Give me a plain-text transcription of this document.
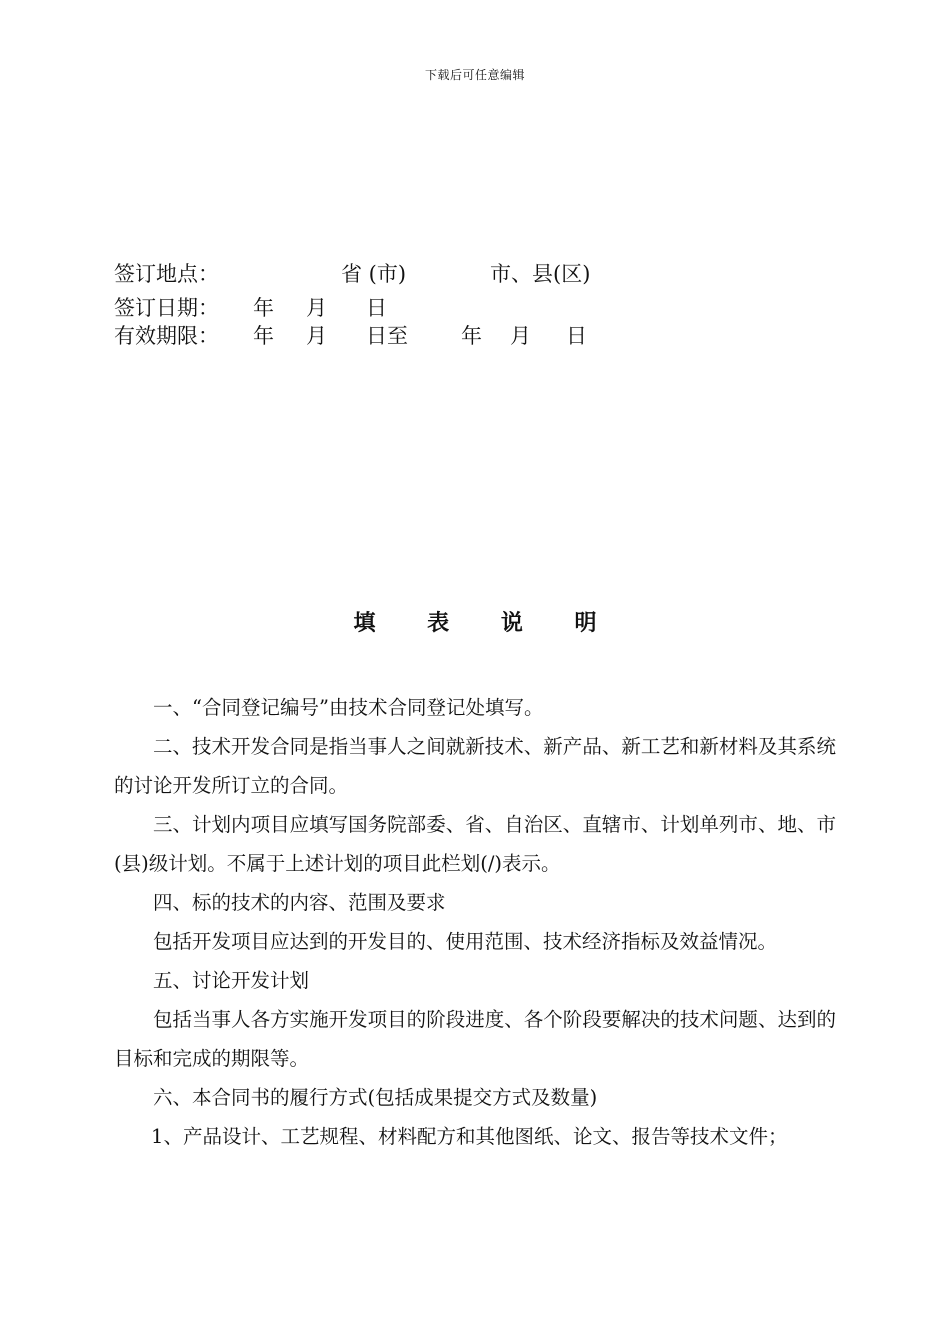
下载后可任意编辑
签订地点：	省 (市)	市、县(区)
签订日期： 年 月 日
有效期限： 年 月 日至	年 月 日
填 表 说 明

一、“合同登记编号”由技术合同登记处填写。

二、技术开发合同是指当事人之间就新技术、新产品、新工艺和新材料及其系统的讨论开发所订立的合同。

三、计划内项目应填写国务院部委、省、自治区、直辖市、计划单列市、地、市(县)级计划。不属于上述计划的项目此栏划(/)表示。

四、标的技术的内容、范围及要求

包括开发项目应达到的开发目的、使用范围、技术经济指标及效益情况。

五、讨论开发计划

包括当事人各方实施开发项目的阶段进度、各个阶段要解决的技术问题、达到的目标和完成的期限等。

六、本合同书的履行方式(包括成果提交方式及数量)

1、产品设计、工艺规程、材料配方和其他图纸、论文、报告等技术文件；
